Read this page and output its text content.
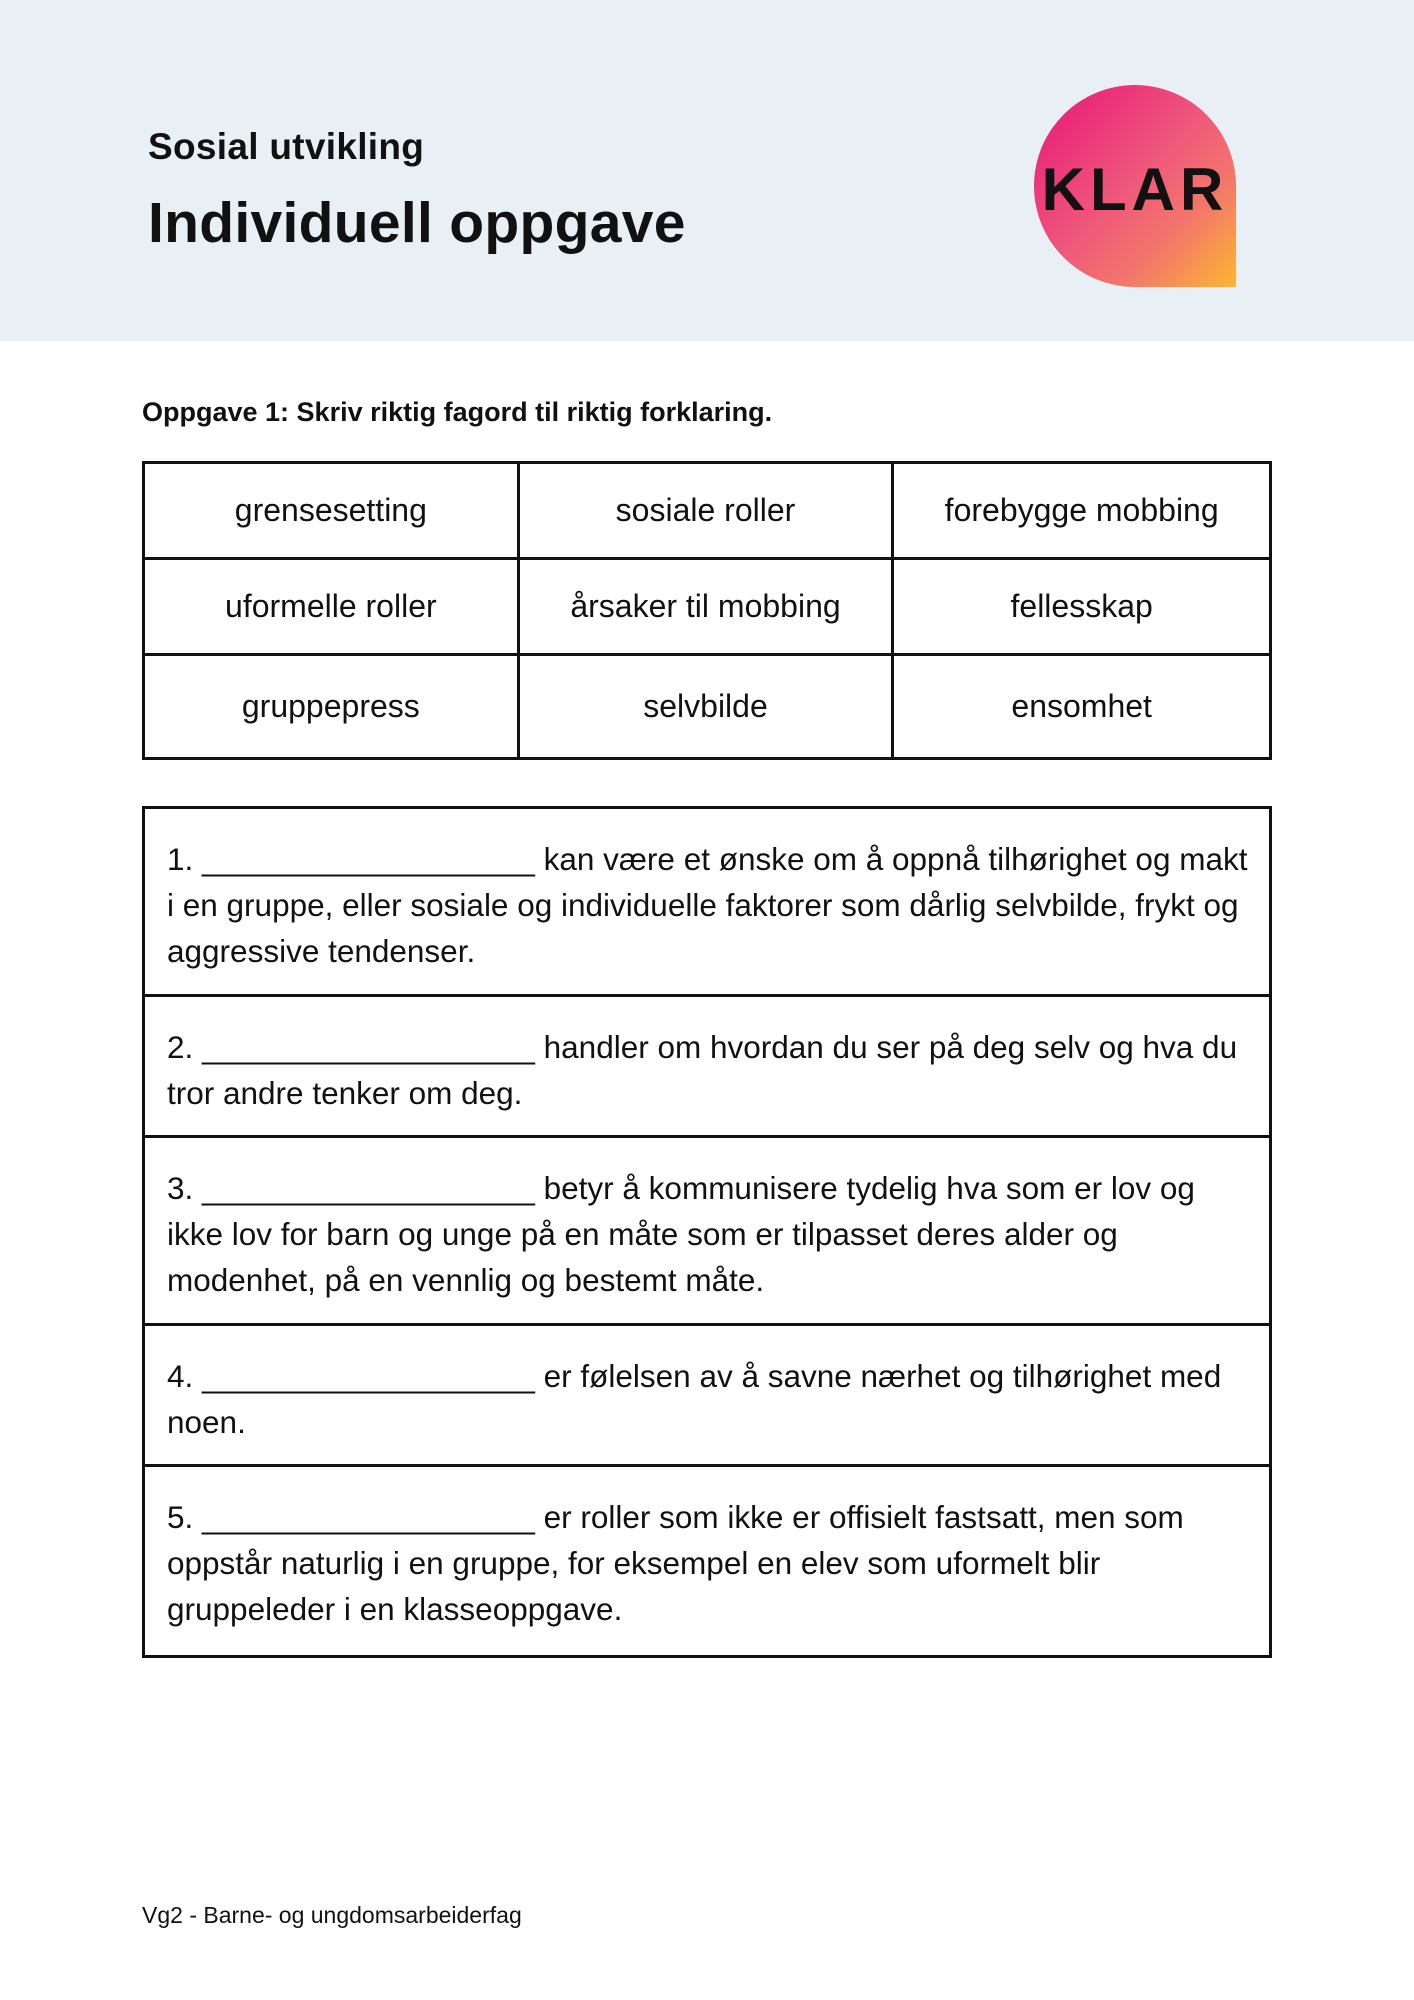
Sosial utvikling
Individuell oppgave	KLAR
Oppgave 1: Skriv riktig fagord til riktig forklaring.
grensesetting	sosiale roller	forebygge mobbing
uformelle roller	årsaker til mobbing	fellesskap
gruppepress	selvbilde	ensomhet
1. ___________________ kan være et ønske om å oppnå tilhørighet og makt i en gruppe, eller sosiale og individuelle faktorer som dårlig selvbilde, frykt og aggressive tendenser.
2. ___________________ handler om hvordan du ser på deg selv og hva du tror andre tenker om deg.
3. ___________________ betyr å kommunisere tydelig hva som er lov og ikke lov for barn og unge på en måte som er tilpasset deres alder og modenhet, på en vennlig og bestemt måte.
4. ___________________ er følelsen av å savne nærhet og tilhørighet med noen.
5. ___________________ er roller som ikke er offisielt fastsatt, men som oppstår naturlig i en gruppe, for eksempel en elev som uformelt blir gruppeleder i en klasseoppgave.
Vg2 - Barne- og ungdomsarbeiderfag
